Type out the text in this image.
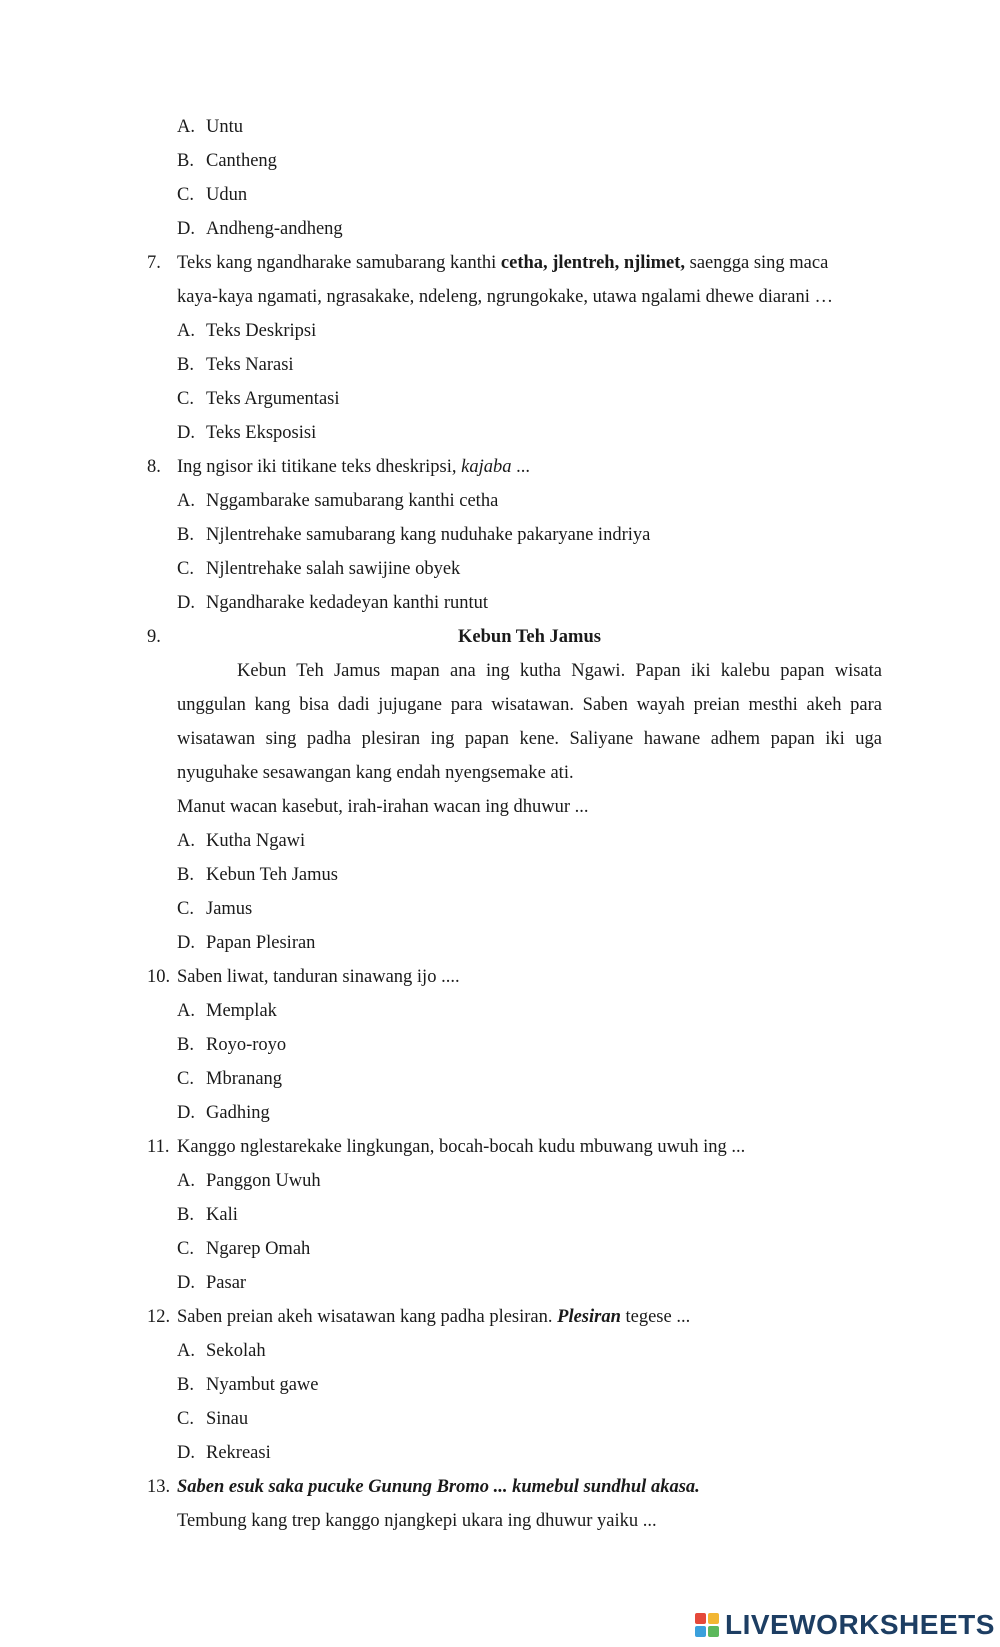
A. Untu
B. Cantheng
C. Udun
D. Andheng-andheng
7. Teks kang ngandharake samubarang kanthi cetha, jlentreh, njlimet, saengga sing maca
kaya-kaya ngamati, ngrasakake, ndeleng, ngrungokake, utawa ngalami dhewe diarani …
A. Teks Deskripsi
B. Teks Narasi
C. Teks Argumentasi
D. Teks Eksposisi
8. Ing ngisor iki titikane teks dheskripsi, kajaba ...
A. Nggambarake samubarang kanthi cetha
B. Njlentrehake samubarang kang nuduhake pakaryane indriya
C. Njlentrehake salah sawijine obyek
D. Ngandharake kedadeyan kanthi runtut
9.	Kebun Teh Jamus
Kebun Teh Jamus mapan ana ing kutha Ngawi. Papan iki kalebu papan wisata
unggulan kang bisa dadi jujugane para wisatawan. Saben wayah preian mesthi akeh para
wisatawan sing padha plesiran ing papan kene. Saliyane hawane adhem papan iki uga
nyuguhake sesawangan kang endah nyengsemake ati.
Manut wacan kasebut, irah-irahan wacan ing dhuwur ...
A. Kutha Ngawi
B. Kebun Teh Jamus
C. Jamus
D. Papan Plesiran
10. Saben liwat, tanduran sinawang ijo ....
A. Memplak
B. Royo-royo
C. Mbranang
D. Gadhing
11. Kanggo nglestarekake lingkungan, bocah-bocah kudu mbuwang uwuh ing ...
A. Panggon Uwuh
B. Kali
C. Ngarep Omah
D. Pasar
12. Saben preian akeh wisatawan kang padha plesiran. Plesiran tegese ...
A. Sekolah
B. Nyambut gawe
C. Sinau
D. Rekreasi
13. Saben esuk saka pucuke Gunung Bromo ... kumebul sundhul akasa.
Tembung kang trep kanggo njangkepi ukara ing dhuwur yaiku ...
LIVEWORKSHEETS
